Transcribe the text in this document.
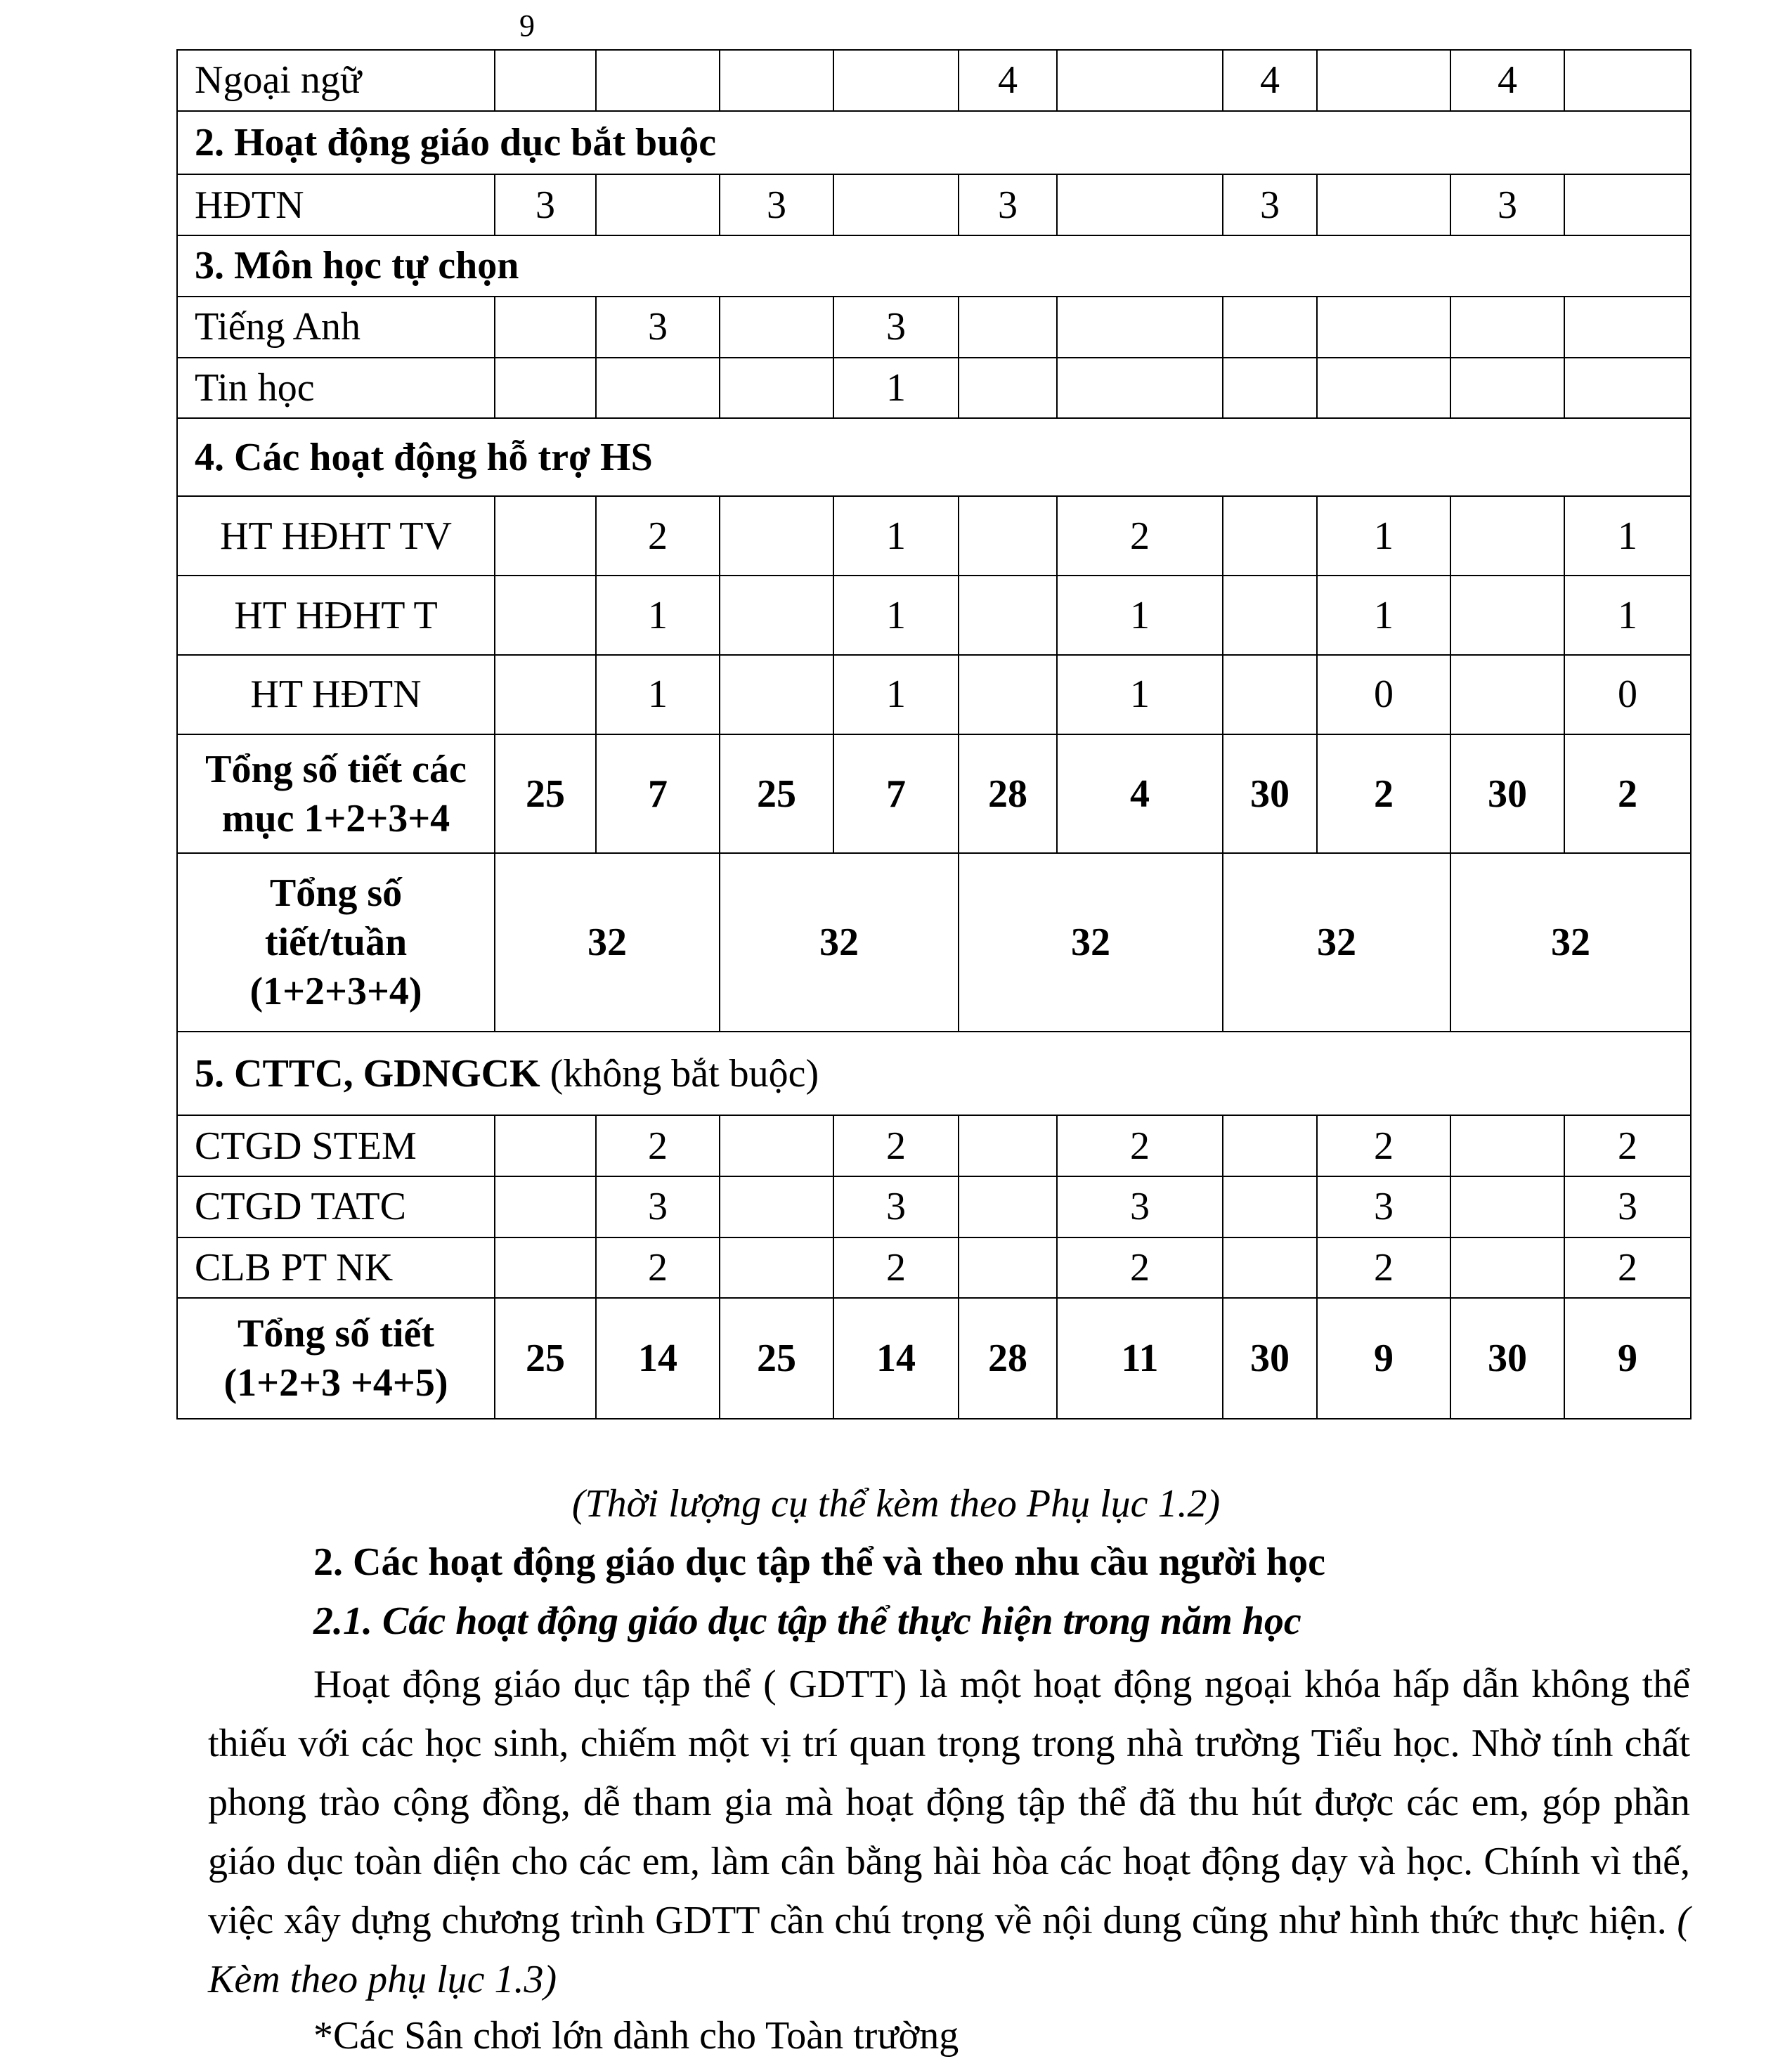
9
Ngoại ngữ					4		4		4	
2. Hoạt động giáo dục bắt buộc										
HĐTN	3		3		3		3		3	
3. Môn học tự chọn										
Tiếng Anh		3		3						
Tin học				1						
4. Các hoạt động hỗ trợ HS										
HT HĐHT TV		2		1		2		1		1
HT HĐHT T		1		1		1		1		1
HT HĐTN		1		1		1		0		0

Tổng số tiết các
mục 1+2+3+4	25	7	25	7	28	4	30	2	30	2

Tổng số
tiết/tuần
(1+2+3+4)	32		32		32		32		32	
5. CTTC, GDNGCK (không bắt buộc)										
CTGD STEM		2		2		2		2		2
CTGD TATC		3		3		3		3		3
CLB PT NK		2		2		2		2		2

Tổng số tiết
(1+2+3 +4+5)	25	14	25	14	28	11	30	9	30	9
(Thời lượng cụ thể kèm theo Phụ lục 1.2)
2. Các hoạt động giáo dục tập thể và theo nhu cầu người học
2.1. Các hoạt động giáo dục tập thể thực hiện trong năm học
Hoạt động giáo dục tập thể ( GDTT) là một hoạt động ngoại khóa hấp dẫn không thể thiếu với các học sinh, chiếm một vị trí quan trọng trong nhà trường Tiểu học. Nhờ tính chất phong trào cộng đồng, dễ tham gia mà hoạt động tập thể đã thu hút được các em, góp phần giáo dục toàn diện cho các em, làm cân bằng hài hòa các hoạt động dạy và học. Chính vì thế, việc xây dựng chương trình GDTT cần chú trọng về nội dung cũng như hình thức thực hiện. ( Kèm theo phụ lục 1.3)
*Các Sân chơi lớn dành cho Toàn trường
